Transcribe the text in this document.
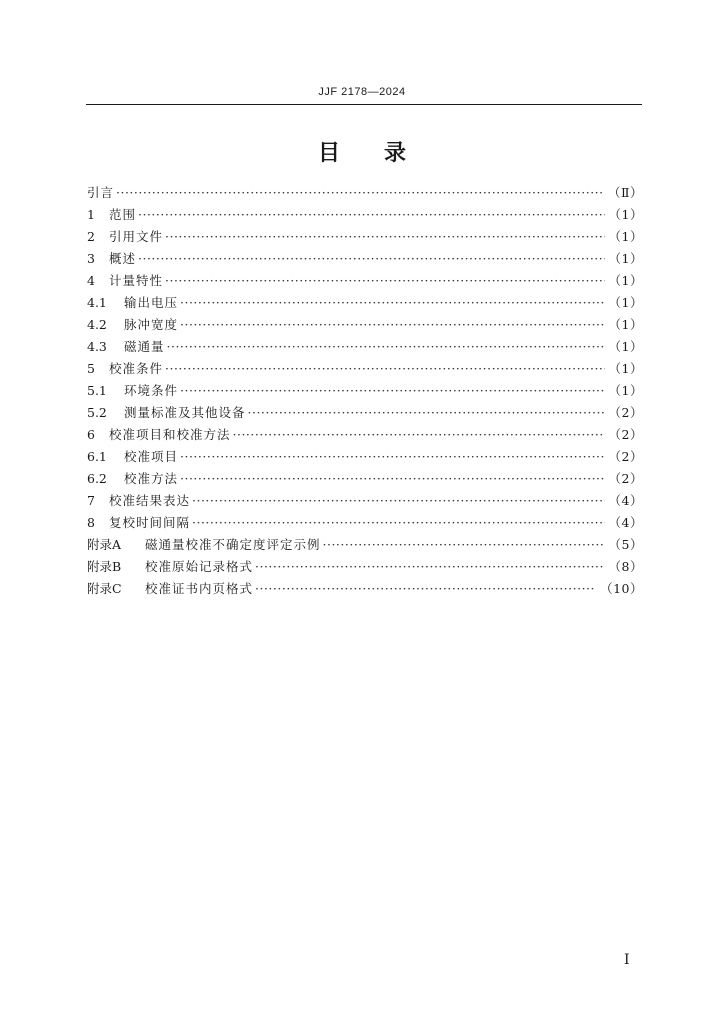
JJF 2178—2024
目录
引言 ·····	（Ⅱ）
1	范围 ·····	（1）
2	引用文件 ·····	（1）
3	概述 ·····	（1）
4	计量特性 ·····	（1）
4.1	输出电压 ·····	（1）
4.2	脉冲宽度 ·····	（1）
4.3	磁通量 ·····	（1）
5	校准条件 ·····	（1）
5.1	环境条件 ·····	（1）
5.2	测量标准及其他设备 ·····	（2）
6	校准项目和校准方法 ·····	（2）
6.1	校准项目 ·····	（2）
6.2	校准方法 ·····	（2）
7	校准结果表达 ·····	（4）
8	复校时间间隔 ·····	（4）
附录A	磁通量校准不确定度评定示例 ·····	（5）
附录B	校准原始记录格式 ·····	（8）
附录C	校准证书内页格式 ·····	（10）
I
